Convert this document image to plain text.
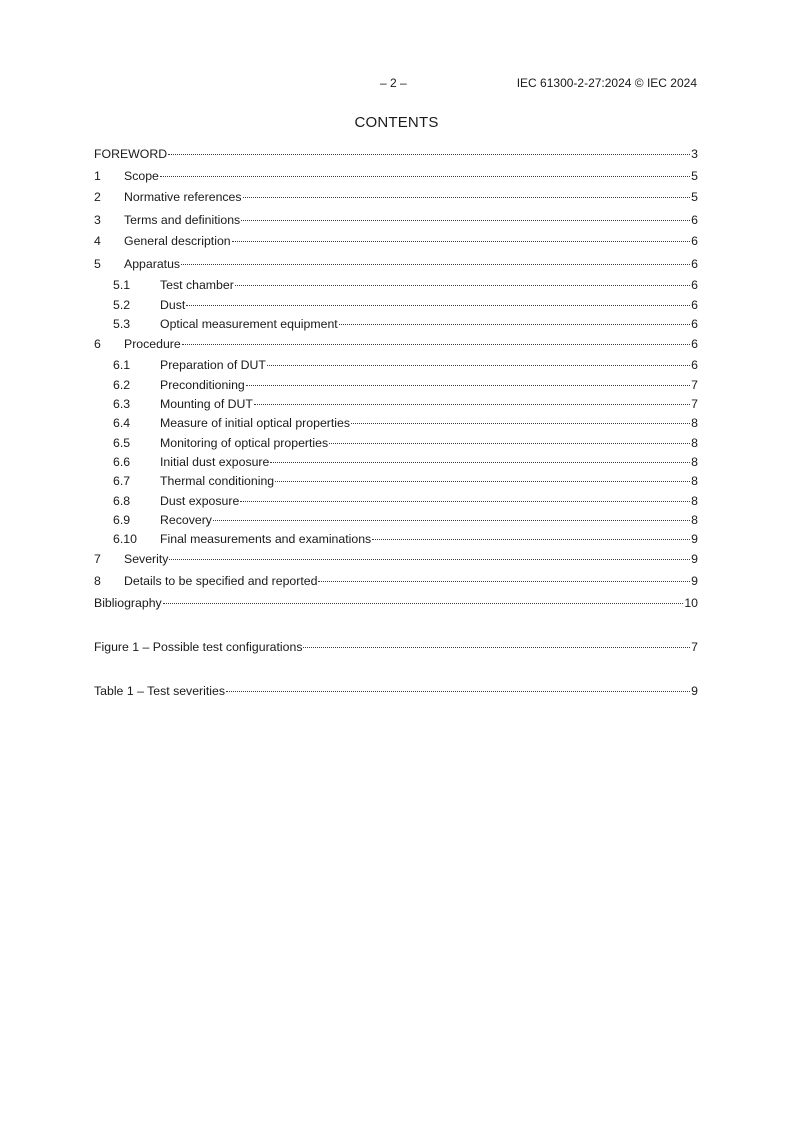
– 2 –	IEC 61300-2-27:2024 © IEC 2024
CONTENTS
FOREWORD	3
1	Scope	5
2	Normative references	5
3	Terms and definitions	6
4	General description	6
5	Apparatus	6
5.1	Test chamber	6
5.2	Dust	6
5.3	Optical measurement equipment	6
6	Procedure	6
6.1	Preparation of DUT	6
6.2	Preconditioning	7
6.3	Mounting of DUT	7
6.4	Measure of initial optical properties	8
6.5	Monitoring of optical properties	8
6.6	Initial dust exposure	8
6.7	Thermal conditioning	8
6.8	Dust exposure	8
6.9	Recovery	8
6.10	Final measurements and examinations	9
7	Severity	9
8	Details to be specified and reported	9
Bibliography	10
Figure 1 – Possible test configurations	7
Table 1 – Test severities	9
